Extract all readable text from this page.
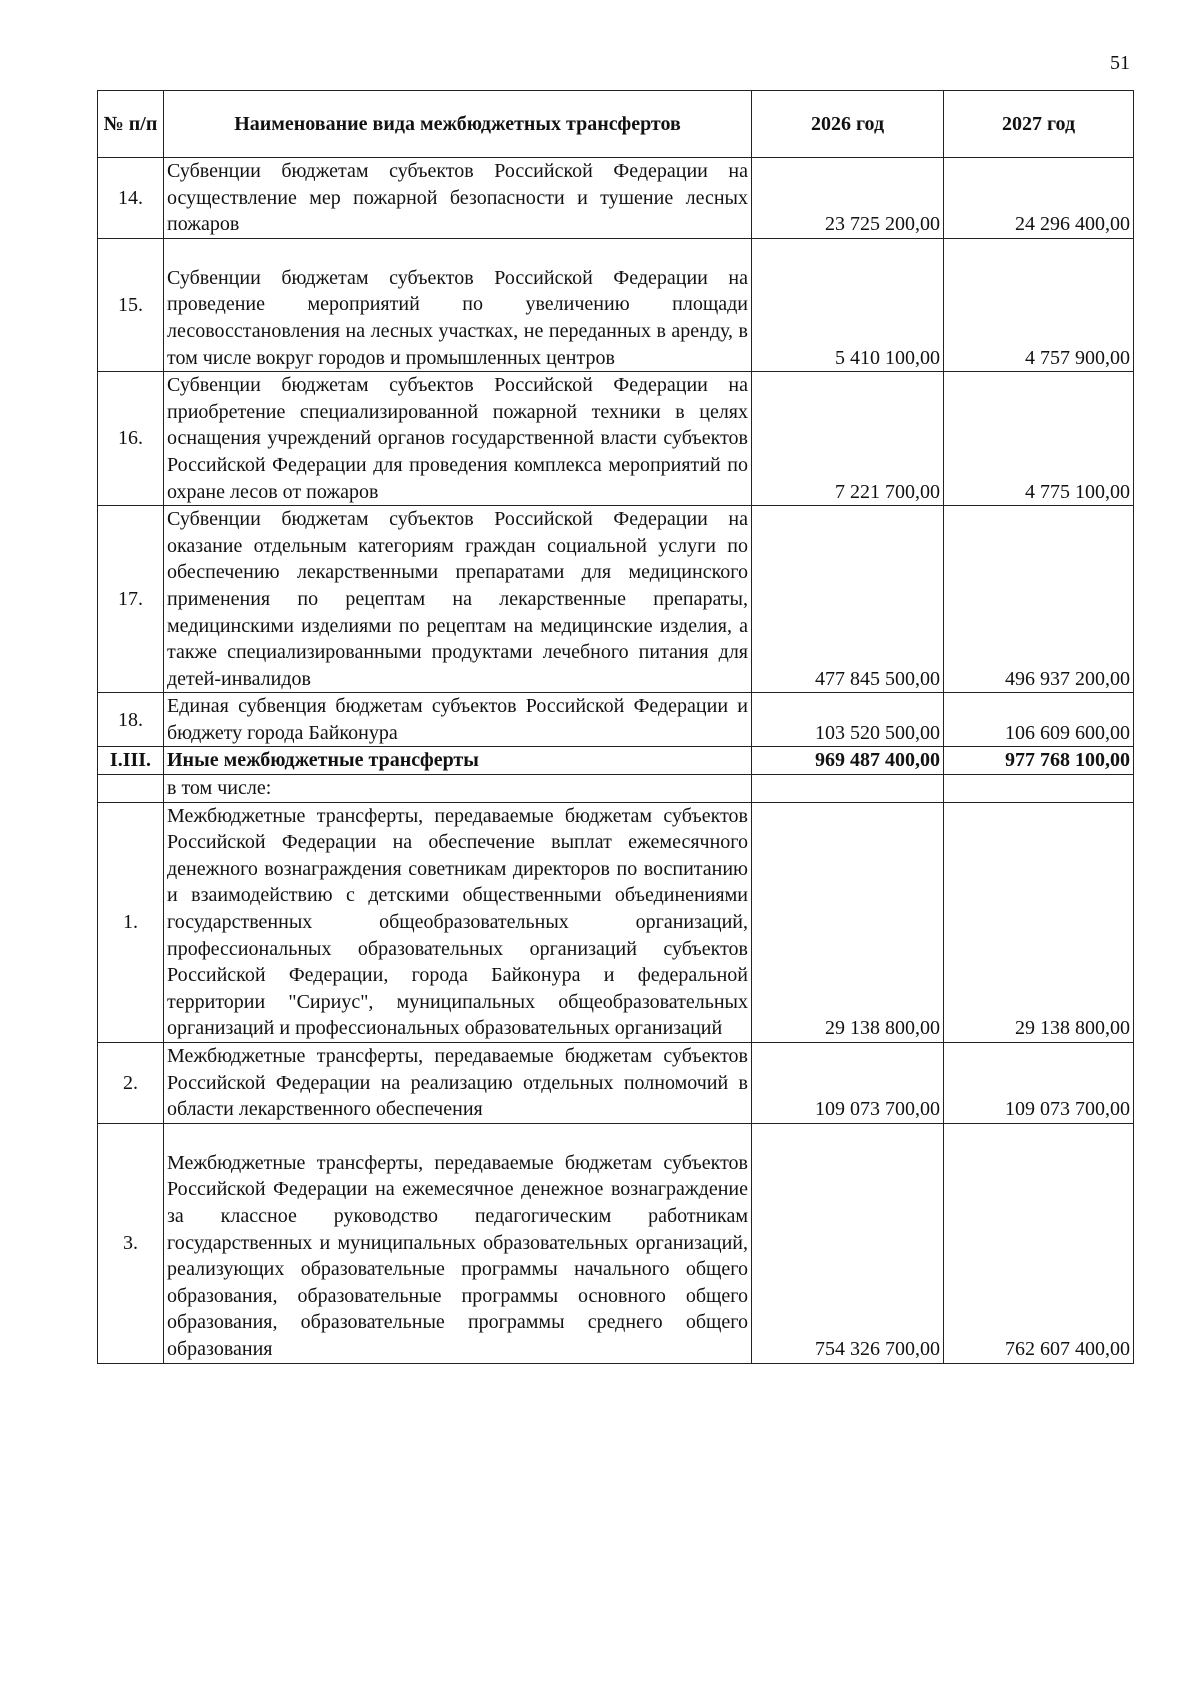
51
№ п/п	Наименование вида межбюджетных трансфертов	2026 год	2027 год
14.	Субвенции бюджетам субъектов Российской Федерации на осуществление мер пожарной безопасности и тушение лесных пожаров	23 725 200,00	24 296 400,00
15.	Субвенции бюджетам субъектов Российской Федерации на проведение мероприятий по увеличению площади лесовосстановления на лесных участках, не переданных в аренду, в том числе вокруг городов и промышленных центров	5 410 100,00	4 757 900,00
16.	Субвенции бюджетам субъектов Российской Федерации на приобретение специализированной пожарной техники в целях оснащения учреждений органов государственной власти субъектов Российской Федерации для проведения комплекса мероприятий по охране лесов от пожаров	7 221 700,00	4 775 100,00
17.	Субвенции бюджетам субъектов Российской Федерации на оказание отдельным категориям граждан социальной услуги по обеспечению лекарственными препаратами для медицинского применения по рецептам на лекарственные препараты, медицинскими изделиями по рецептам на медицинские изделия, а также специализированными продуктами лечебного питания для детей-инвалидов	477 845 500,00	496 937 200,00
18.	Единая субвенция бюджетам субъектов Российской Федерации и бюджету города Байконура	103 520 500,00	106 609 600,00
I.III.	Иные межбюджетные трансферты	969 487 400,00	977 768 100,00
	в том числе:		
1.	Межбюджетные трансферты, передаваемые бюджетам субъектов Российской Федерации на обеспечение выплат ежемесячного денежного вознаграждения советникам директоров по воспитанию и взаимодействию с детскими общественными объединениями государственных общеобразовательных организаций, профессиональных образовательных организаций субъектов Российской Федерации, города Байконура и федеральной территории "Сириус", муниципальных общеобразовательных организаций и профессиональных образовательных организаций	29 138 800,00	29 138 800,00
2.	Межбюджетные трансферты, передаваемые бюджетам субъектов Российской Федерации на реализацию отдельных полномочий в области лекарственного обеспечения	109 073 700,00	109 073 700,00
3.	Межбюджетные трансферты, передаваемые бюджетам субъектов Российской Федерации на ежемесячное денежное вознаграждение за классное руководство педагогическим работникам государственных и муниципальных образовательных организаций, реализующих образовательные программы начального общего образования, образовательные программы основного общего образования, образовательные программы среднего общего образования	754 326 700,00	762 607 400,00
